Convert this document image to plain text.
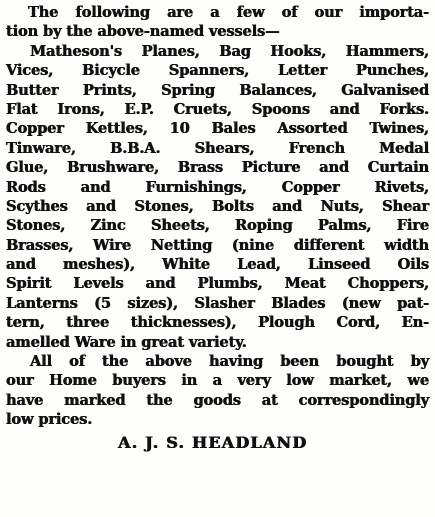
The following are a few of our importa-
tion by the above-named vessels—
Matheson's Planes, Bag Hooks, Hammers,
Vices, Bicycle Spanners, Letter Punches,
Butter Prints, Spring Balances, Galvanised
Flat Irons, E.P. Cruets, Spoons and Forks.
Copper Kettles, 10 Bales Assorted Twines,
Tinware, B.B.A. Shears, French Medal
Glue, Brushware, Brass Picture and Curtain
Rods and Furnishings, Copper Rivets,
Scythes and Stones, Bolts and Nuts, Shear
Stones, Zinc Sheets, Roping Palms, Fire
Brasses, Wire Netting (nine different width
and meshes), White Lead, Linseed Oils
Spirit Levels and Plumbs, Meat Choppers,
Lanterns (5 sizes), Slasher Blades (new pat-
tern, three thicknesses), Plough Cord, En-
amelled Ware in great variety.
All of the above having been bought by
our Home buyers in a very low market, we
have marked the goods at correspondingly
low prices.
A. J. S. HEADLAND
